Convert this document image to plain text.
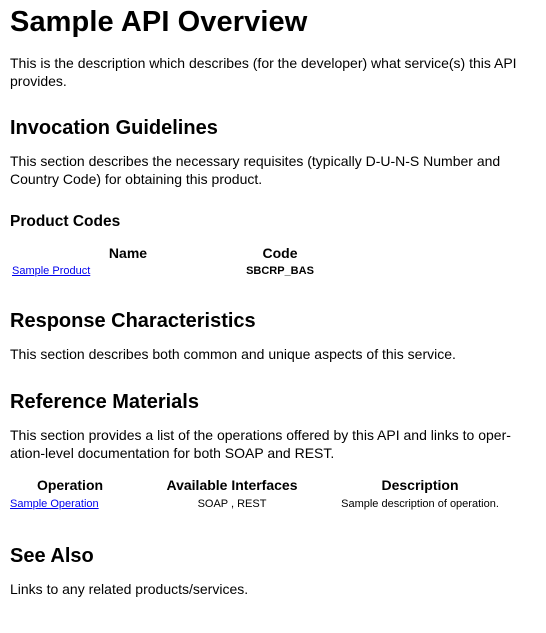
Sample API Overview

This is the description which describes (for the developer) what service(s) this API provides.

Invocation Guidelines

This section describes the necessary requisites (typically D-U-N-S Number and Country Code) for obtaining this product.

Product Codes
Name	Code
Sample Product	SBCRP_BAS
Response Characteristics

This section describes both common and unique aspects of this service.

Reference Materials

This section provides a list of the operations offered by this API and links to oper-
ation-level documentation for both SOAP and REST.

Operation	Available Interfaces	Description
Sample Operation	SOAP , REST	Sample description of operation.
See Also

Links to any related products/services.
